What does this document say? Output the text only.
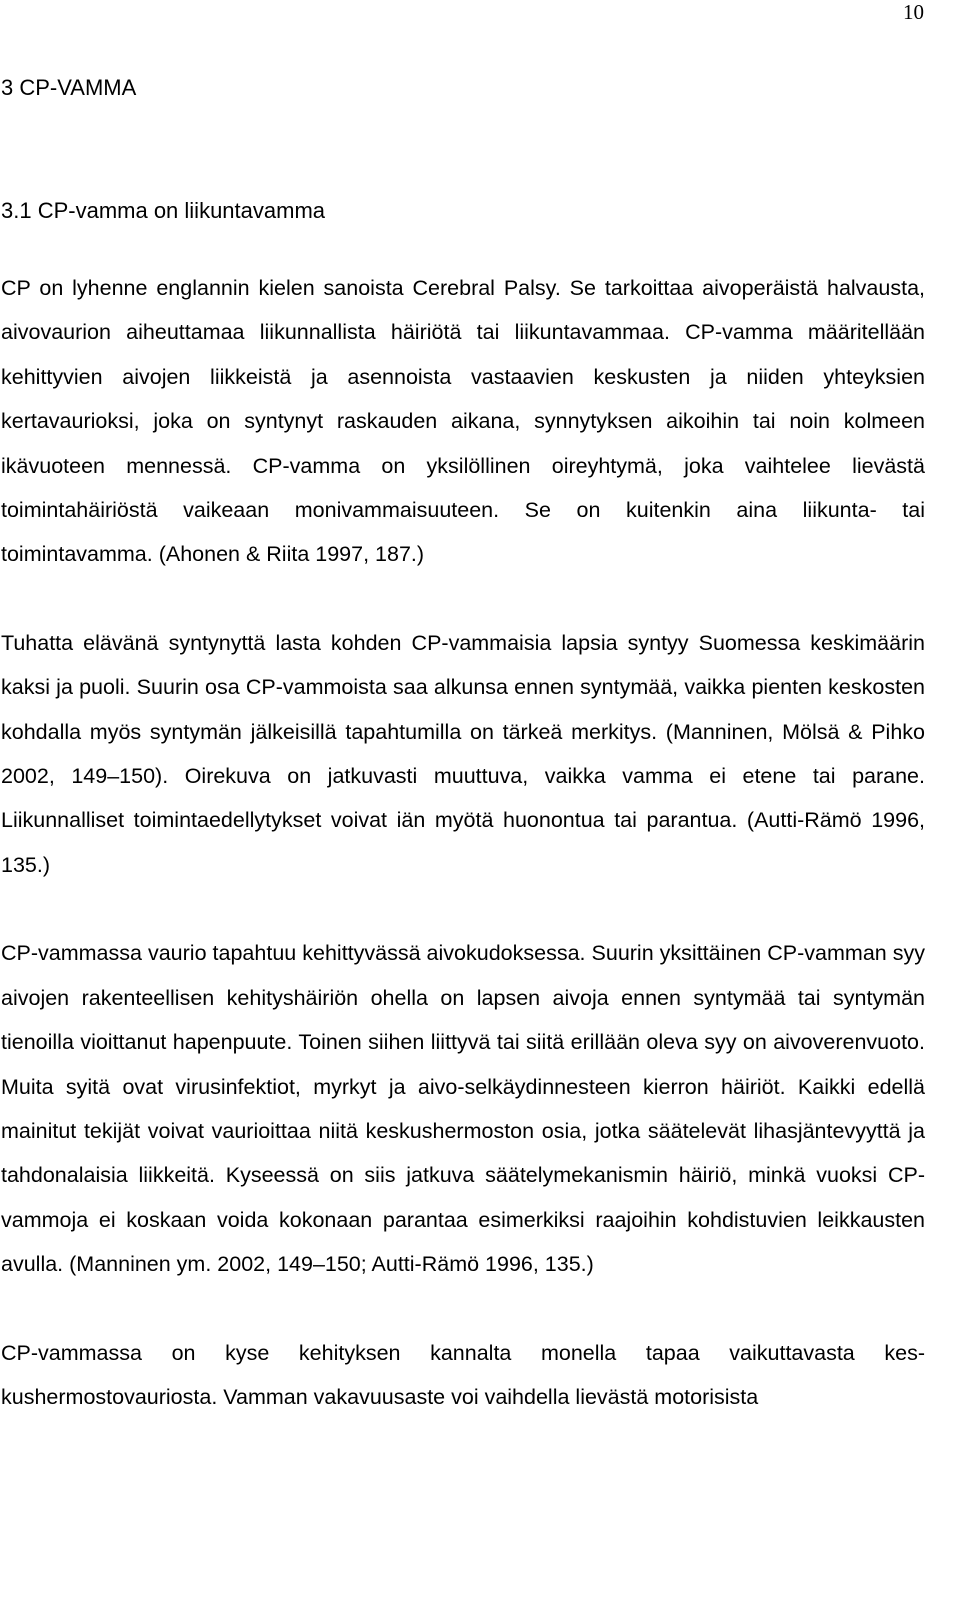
10
3 CP-VAMMA
3.1 CP-vamma on liikuntavamma

CP on lyhenne englannin kielen sanoista Cerebral Palsy. Se tarkoittaa aivoperäistä halvausta, aivovaurion aiheuttamaa liikunnallista häiriötä tai liikuntavammaa. CP-vamma määritellään kehittyvien aivojen liikkeistä ja asennoista vastaavien keskusten ja niiden yhteyksien kertavaurioksi, joka on syntynyt raskauden aikana, synnytyksen aikoihin tai noin kolmeen ikävuoteen mennessä. CP-vamma on yksilöllinen oireyhtymä, joka vaihtelee lievästä toimintahäiriöstä vaikeaan monivammaisuuteen. Se on kuitenkin aina liikunta- tai toimintavamma. (Ahonen & Riita 1997, 187.)

Tuhatta elävänä syntynyttä lasta kohden CP-vammaisia lapsia syntyy Suomessa keskimäärin kaksi ja puoli. Suurin osa CP-vammoista saa alkunsa ennen syntymää, vaikka pienten keskosten kohdalla myös syntymän jälkeisillä tapahtumilla on tärkeä merkitys. (Manninen, Mölsä & Pihko 2002, 149–150). Oirekuva on jatkuvasti muuttuva, vaikka vamma ei etene tai parane. Liikunnalliset toimintaedellytykset voivat iän myötä huonontua tai parantua. (Autti-Rämö 1996, 135.)

CP-vammassa vaurio tapahtuu kehittyvässä aivokudoksessa. Suurin yksittäinen CP-vamman syy aivojen rakenteellisen kehityshäiriön ohella on lapsen aivoja ennen syntymää tai syntymän tienoilla vioittanut hapenpuute. Toinen siihen liittyvä tai siitä erillään oleva syy on aivoverenvuoto. Muita syitä ovat virusinfektiot, myrkyt ja aivo-selkäydinnesteen kierron häiriöt. Kaikki edellä mainitut tekijät voivat vaurioittaa niitä keskushermoston osia, jotka säätelevät lihasjäntevyyttä ja tahdonalaisia liikkeitä. Kyseessä on siis jatkuva säätelymekanismin häiriö, minkä vuoksi CP-vammoja ei koskaan voida kokonaan parantaa esimerkiksi raajoihin kohdistuvien leikkausten avulla. (Manninen ym. 2002, 149–150; Autti-Rämö 1996, 135.)

CP-vammassa on kyse kehityksen kannalta monella tapaa vaikuttavasta keskushermostovauriosta. Vamman vakavuusaste voi vaihdella lievästä motorisista
